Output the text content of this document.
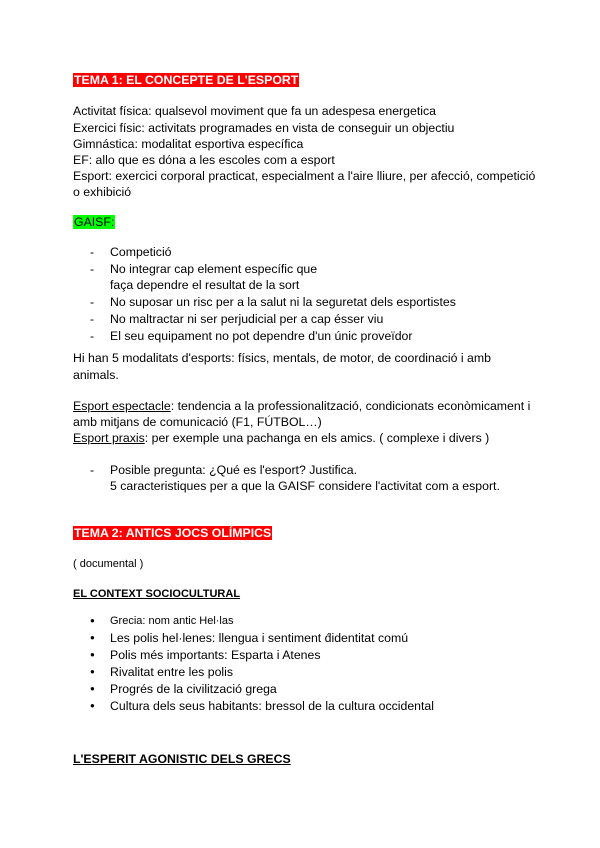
TEMA 1: EL CONCEPTE DE L'ESPORT
Activitat física: qualsevol moviment que fa un adespesa energetica
Exercici físic: activitats programades en vista de conseguir un objectiu
Gimnástica: modalitat esportiva específica
EF: allo que es dóna a les escoles com a esport
Esport: exercici corporal practicat, especialment a l'aire lliure, per afecció, competició
o exhibició
GAISF:
- Competició
- No integrar cap element específic que
faça dependre el resultat de la sort
- No suposar un risc per a la salut ni la seguretat dels esportistes
- No maltractar ni ser perjudicial per a cap ésser viu
- El seu equipament no pot dependre d'un únic proveïdor
Hi han 5 modalitats d'esports: físics, mentals, de motor, de coordinació i amb
animals.
Esport espectacle: tendencia a la professionalització, condicionats econòmicament i
amb mitjans de comunicació (F1, FÚTBOL…)
Esport praxis: per exemple una pachanga en els amics. ( complexe i divers )
- Posible pregunta: ¿Qué es l'esport? Justifica.
5 caracteristiques per a que la GAISF considere l'activitat com a esport.
TEMA 2: ANTICS JOCS OLÍMPICS
( documental )
EL CONTEXT SOCIOCULTURAL
● Grecia: nom antic Hel·las
● Les polis hel·lenes: llengua i sentiment d́identitat comú
● Polis més importants: Esparta i Atenes
● Rivalitat entre les polis
● Progrés de la civilització grega
● Cultura dels seus habitants: bressol de la cultura occidental
L'ESPERIT AGONISTIC DELS GRECS
